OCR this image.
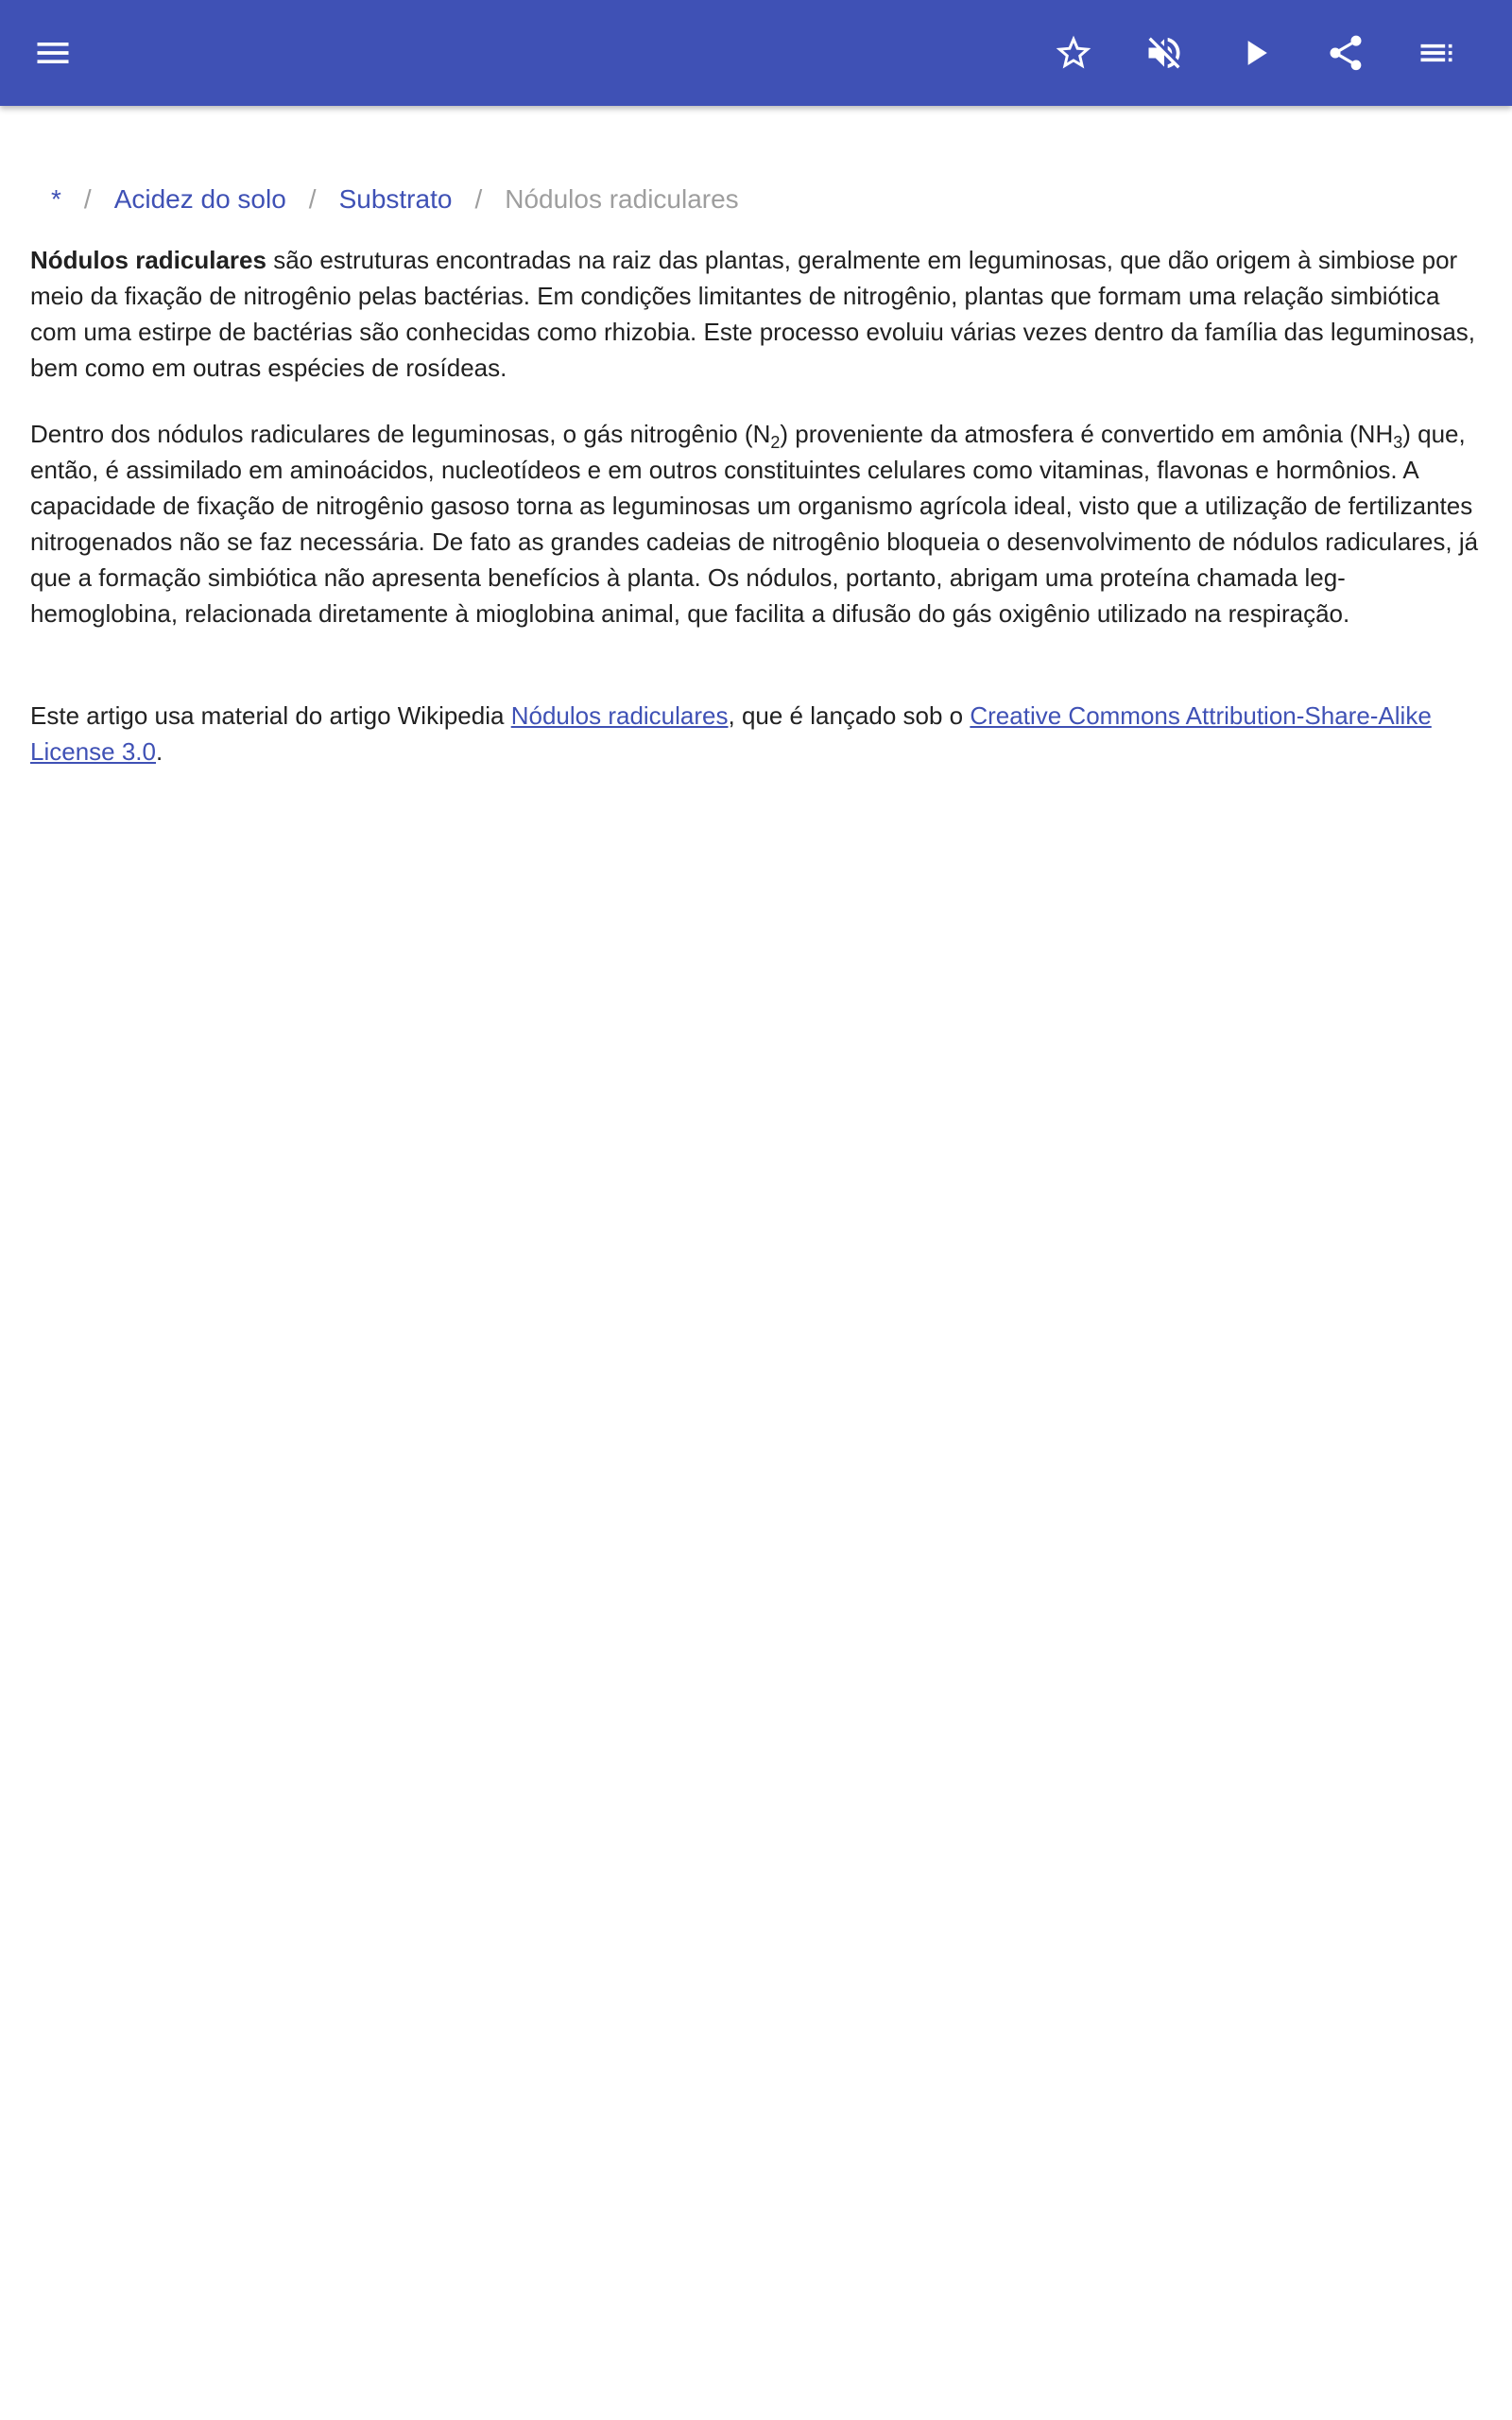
* / Acidez do solo / Substrato / Nódulos radiculares

Nódulos radiculares são estruturas encontradas na raiz das plantas, geralmente em leguminosas, que dão origem à simbiose por meio da fixação de nitrogênio pelas bactérias. Em condições limitantes de nitrogênio, plantas que formam uma relação simbiótica com uma estirpe de bactérias são conhecidas como rhizobia. Este processo evoluiu várias vezes dentro da família das leguminosas, bem como em outras espécies de rosídeas.

Dentro dos nódulos radiculares de leguminosas, o gás nitrogênio $(N_2)$ proveniente da atmosfera é convertido em amônia $(NH_3)$ que, então, é assimilado em aminoácidos, nucleotídeos e em outros constituintes celulares como vitaminas, flavonas e hormônios. A capacidade de fixação de nitrogênio gasoso torna as leguminosas um organismo agrícola ideal, visto que a utilização de fertilizantes nitrogenados não se faz necessária. De fato as grandes cadeias de nitrogênio bloqueia o desenvolvimento de nódulos radiculares, já que a formação simbiótica não apresenta benefícios à planta. Os nódulos, portanto, abrigam uma proteína chamada leg-hemoglobina, relacionada diretamente à mioglobina animal, que facilita a difusão do gás oxigênio utilizado na respiração.

Este artigo usa material do artigo Wikipedia Nódulos radiculares, que é lançado sob o Creative Commons Attribution-Share-Alike License 3.0.
